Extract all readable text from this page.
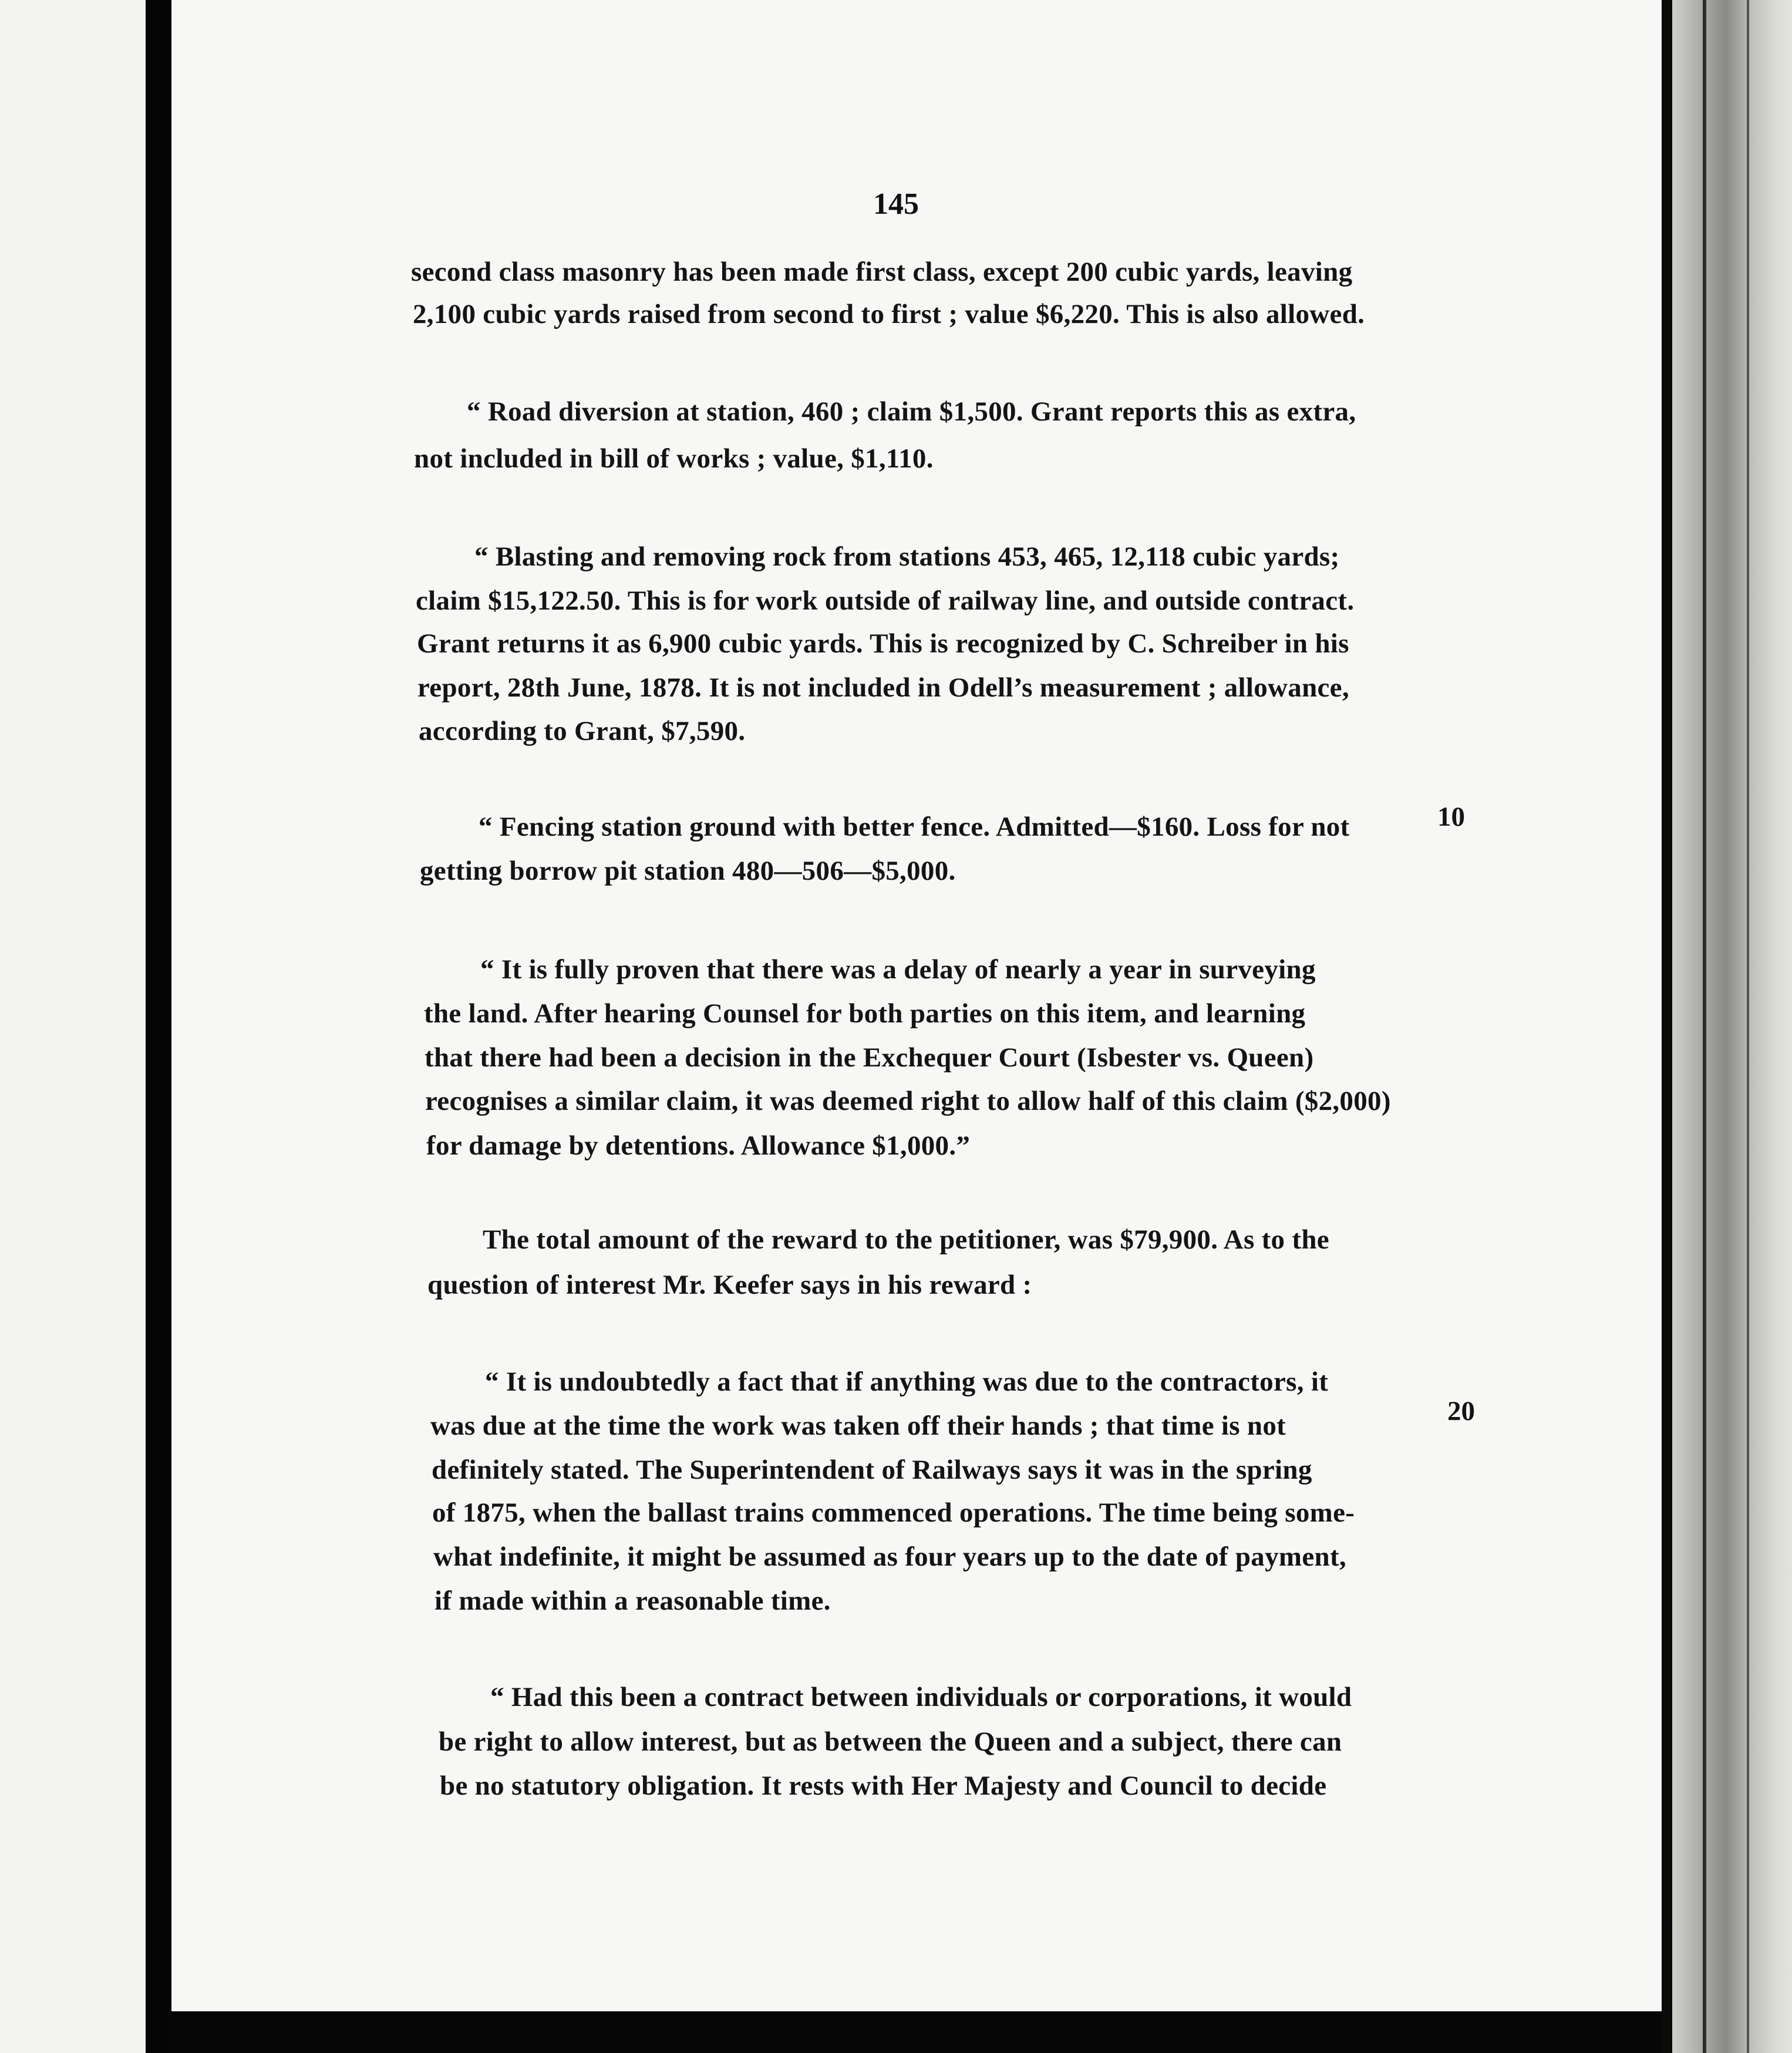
145

second class masonry has been made first class, except 200 cubic yards, leaving

2,100 cubic yards raised from second to first ; value $6,220. This is also allowed.

“ Road diversion at station, 460 ; claim $1,500. Grant reports this as extra,

not included in bill of works ; value, $1,110.

“ Blasting and removing rock from stations 453, 465, 12,118 cubic yards;

claim $15,122.50. This is for work outside of railway line, and outside contract.

Grant returns it as 6,900 cubic yards. This is recognized by C. Schreiber in his

report, 28th June, 1878. It is not included in Odell’s measurement ; allowance,

according to Grant, $7,590.

“ Fencing station ground with better fence. Admitted—$160. Loss for not	10

getting borrow pit station 480—506—$5,000.

“ It is fully proven that there was a delay of nearly a year in surveying

the land. After hearing Counsel for both parties on this item, and learning

that there had been a decision in the Exchequer Court (Isbester vs. Queen)

recognises a similar claim, it was deemed right to allow half of this claim ($2,000)

for damage by detentions. Allowance $1,000.”

The total amount of the reward to the petitioner, was $79,900. As to the

question of interest Mr. Keefer says in his reward :

“ It is undoubtedly a fact that if anything was due to the contractors, it

was due at the time the work was taken off their hands ; that time is not	20

definitely stated. The Superintendent of Railways says it was in the spring

of 1875, when the ballast trains commenced operations. The time being some-

what indefinite, it might be assumed as four years up to the date of payment,

if made within a reasonable time.

“ Had this been a contract between individuals or corporations, it would

be right to allow interest, but as between the Queen and a subject, there can

be no statutory obligation. It rests with Her Majesty and Council to decide
